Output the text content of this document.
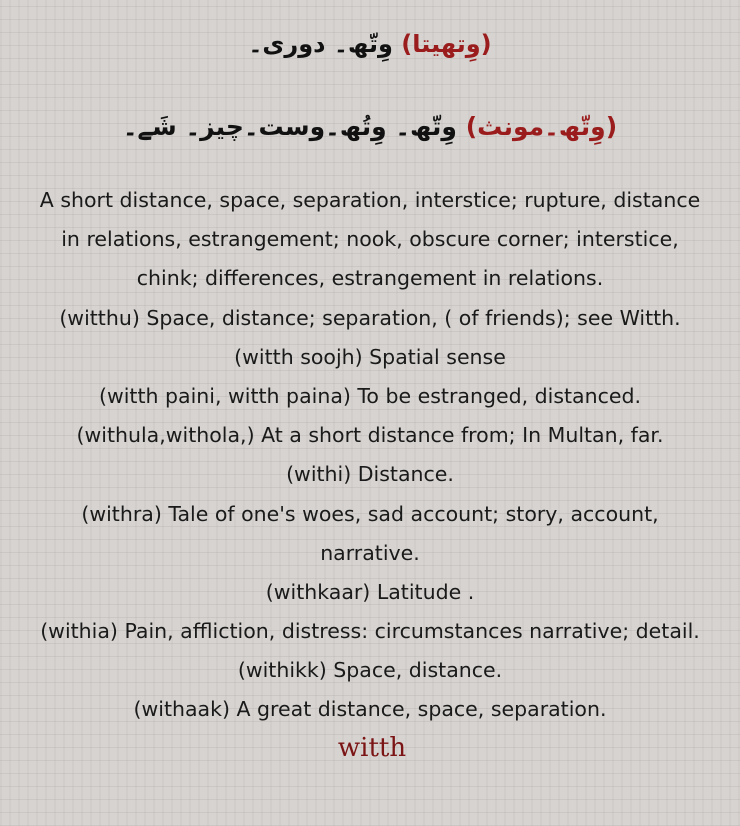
(وِتھیتا) وِتّھ۔ دوری۔
(وِتّھ۔مونث) وِتّھ۔ وِتُھ۔وست۔چیز۔ شَے۔
A short distance, space, separation, interstice; rupture, distance
in relations, estrangement; nook, obscure corner; interstice,
chink; differences, estrangement in relations.
(witthu) Space, distance; separation, ( of friends); see Witth.
(witth soojh) Spatial sense
(witth paini, witth paina) To be estranged, distanced.
(withula,withola,) At a short distance from; In Multan, far.
(withi) Distance.
(withra) Tale of one's woes, sad account; story, account,
narrative.
(withkaar) Latitude .
(withia) Pain, affliction, distress: circumstances narrative; detail.
(withikk) Space, distance.
(withaak) A great distance, space, separation.
witth
